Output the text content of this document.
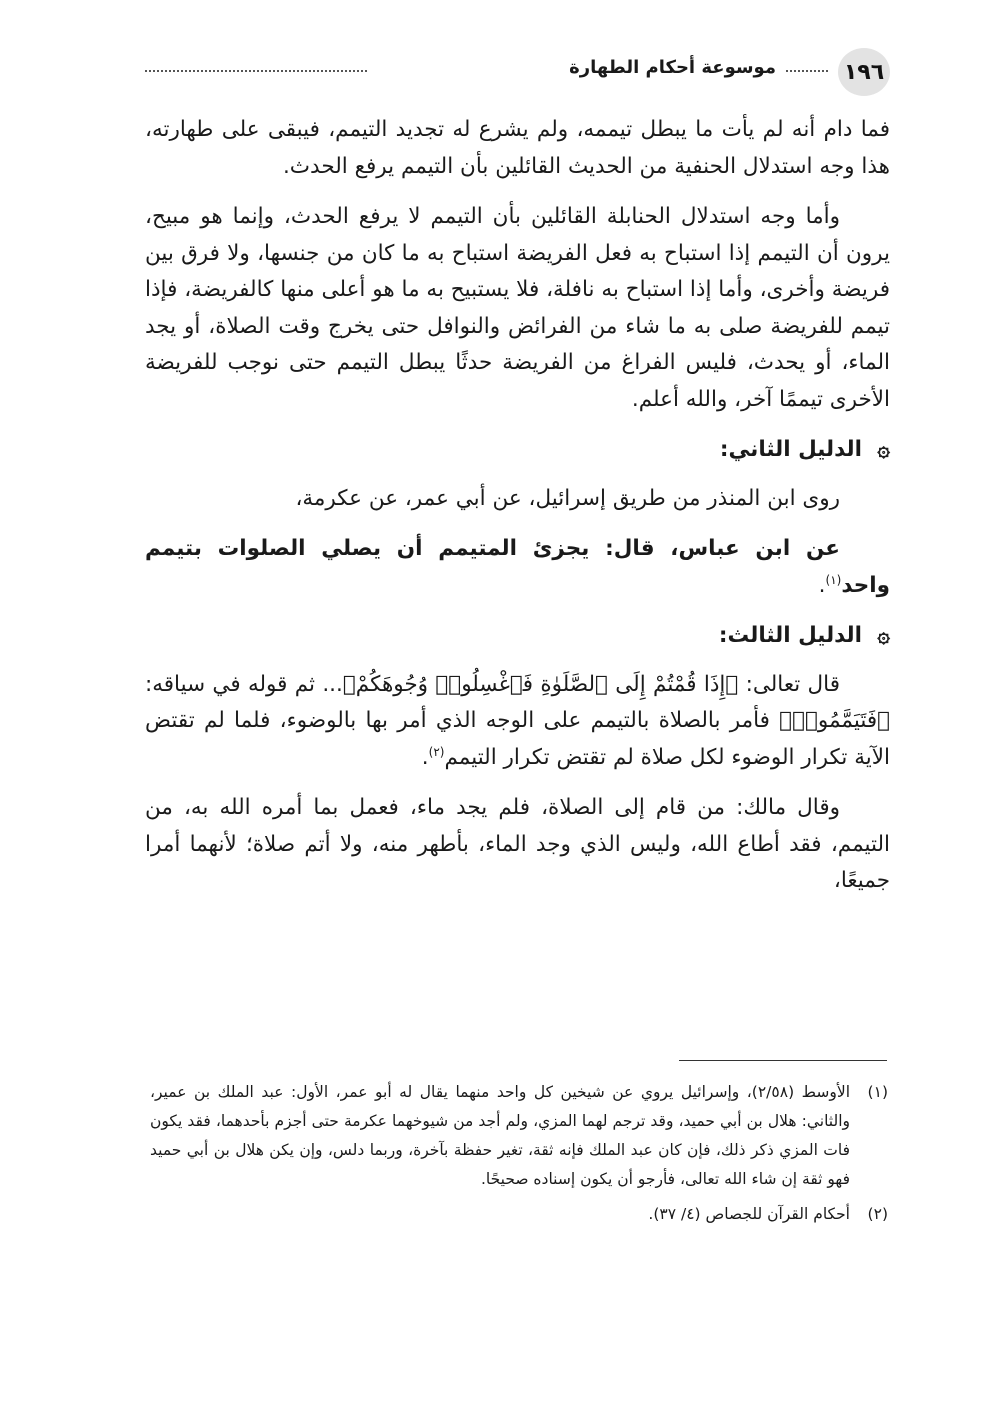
١٩٦
موسوعة أحكام الطهارة

فما دام أنه لم يأت ما يبطل تيممه، ولم يشرع له تجديد التيمم، فيبقى على طهارته، هذا وجه استدلال الحنفية من الحديث القائلين بأن التيمم يرفع الحدث.

وأما وجه استدلال الحنابلة القائلين بأن التيمم لا يرفع الحدث، وإنما هو مبيح، يرون أن التيمم إذا استباح به فعل الفريضة استباح به ما كان من جنسها، ولا فرق بين فريضة وأخرى، وأما إذا استباح به نافلة، فلا يستبيح به ما هو أعلى منها كالفريضة، فإذا تيمم للفريضة صلى به ما شاء من الفرائض والنوافل حتى يخرج وقت الصلاة، أو يجد الماء، أو يحدث، فليس الفراغ من الفريضة حدثًا يبطل التيمم حتى نوجب للفريضة الأخرى تيممًا آخر، والله أعلم.

۞الدليل الثاني:

روى ابن المنذر من طريق إسرائيل، عن أبي عمر، عن عكرمة،

عن ابن عباس، قال: يجزئ المتيمم أن يصلي الصلوات بتيمم واحد$^{(١)}$.

۞الدليل الثالث:

قال تعالى: ﴿إِذَا قُمْتُمْ إِلَى ٱلصَّلَوٰةِ فَٱغْسِلُوا۟ وُجُوهَكُمْ﴾... ثم قوله في سياقه: ﴿فَتَيَمَّمُوا۟﴾ فأمر بالصلاة بالتيمم على الوجه الذي أمر بها بالوضوء، فلما لم تقتض الآية تكرار الوضوء لكل صلاة لم تقتض تكرار التيمم$^{(٢)}$.

وقال مالك: من قام إلى الصلاة، فلم يجد ماء، فعمل بما أمره الله به، من التيمم، فقد أطاع الله، وليس الذي وجد الماء، بأطهر منه، ولا أتم صلاة؛ لأنهما أمرا جميعًا،

(١)
الأوسط (٢/٥٨)، وإسرائيل يروي عن شيخين كل واحد منهما يقال له أبو عمر، الأول: عبد الملك بن عمير، والثاني: هلال بن أبي حميد، وقد ترجم لهما المزي، ولم أجد من شيوخهما عكرمة حتى أجزم بأحدهما، فقد يكون فات المزي ذكر ذلك، فإن كان عبد الملك فإنه ثقة، تغير حفظة بآخرة، وربما دلس، وإن يكن هلال بن أبي حميد فهو ثقة إن شاء الله تعالى، فأرجو أن يكون إسناده صحيحًا.
(٢)
أحكام القرآن للجصاص (٤/ ٣٧).
